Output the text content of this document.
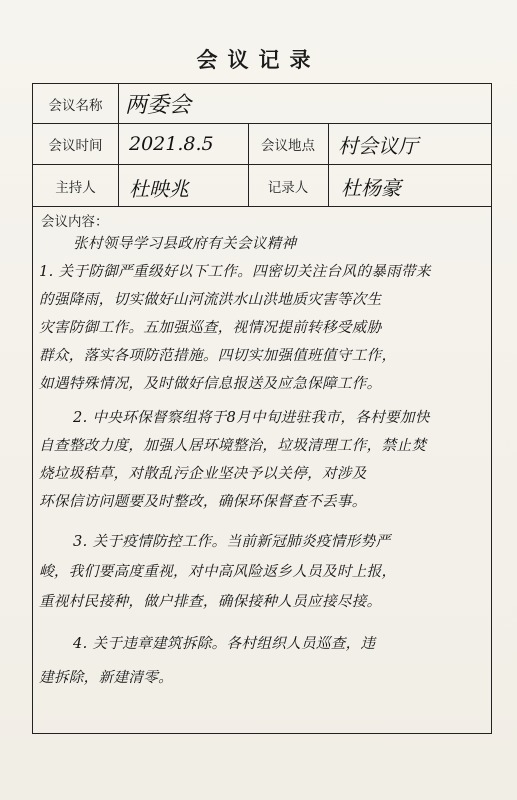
会议记录
会议名称	两委会
会议时间	2021.8.5	会议地点	村会议厅
主持人	杜映兆	记录人	杜杨豪
会议内容：
张村领导学习县政府有关会议精神
1. 关于防御严重级好以下工作。四密切关注台风的暴雨带来
的强降雨，切实做好山河流洪水山洪地质灾害等次生
灾害防御工作。五加强巡查，视情况提前转移受威胁
群众，落实各项防范措施。四切实加强值班值守工作，
如遇特殊情况，及时做好信息报送及应急保障工作。
2. 中央环保督察组将于8月中旬进驻我市，各村要加快
自查整改力度，加强人居环境整治，垃圾清理工作，禁止焚
烧垃圾秸草，对散乱污企业坚决予以关停，对涉及
环保信访问题要及时整改，确保环保督查不丢事。
3. 关于疫情防控工作。当前新冠肺炎疫情形势严
峻，我们要高度重视，对中高风险返乡人员及时上报，
重视村民接种，做户排查，确保接种人员应接尽接。
4. 关于违章建筑拆除。各村组织人员巡查，违
建拆除，新建清零。
